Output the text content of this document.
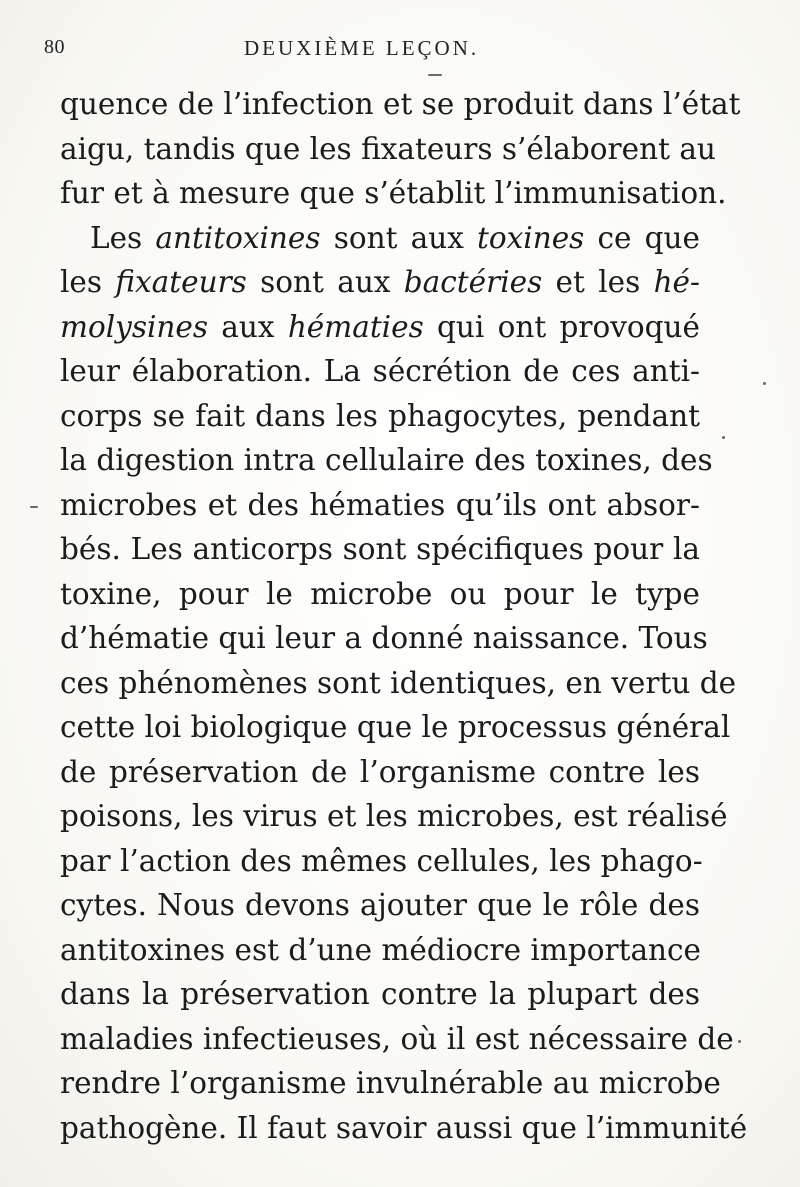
80	DEUXIÈME LEÇON.
quence de l’infection et se produit dans l’état
aigu, tandis que les fixateurs s’élaborent au
fur et à mesure que s’établit l’immunisation.
Les antitoxines sont aux toxines ce que
les fixateurs sont aux bactéries et les hé-
molysines aux hématies qui ont provoqué
leur élaboration. La sécrétion de ces anti-
corps se fait dans les phagocytes, pendant
la digestion intra cellulaire des toxines, des
microbes et des hématies qu’ils ont absor-
bés. Les anticorps sont spécifiques pour la
toxine, pour le microbe ou pour le type
d’hématie qui leur a donné naissance. Tous
ces phénomènes sont identiques, en vertu de
cette loi biologique que le processus général
de préservation de l’organisme contre les
poisons, les virus et les microbes, est réalisé
par l’action des mêmes cellules, les phago-
cytes. Nous devons ajouter que le rôle des
antitoxines est d’une médiocre importance
dans la préservation contre la plupart des
maladies infectieuses, où il est nécessaire de
rendre l’organisme invulnérable au microbe
pathogène. Il faut savoir aussi que l’immunité
